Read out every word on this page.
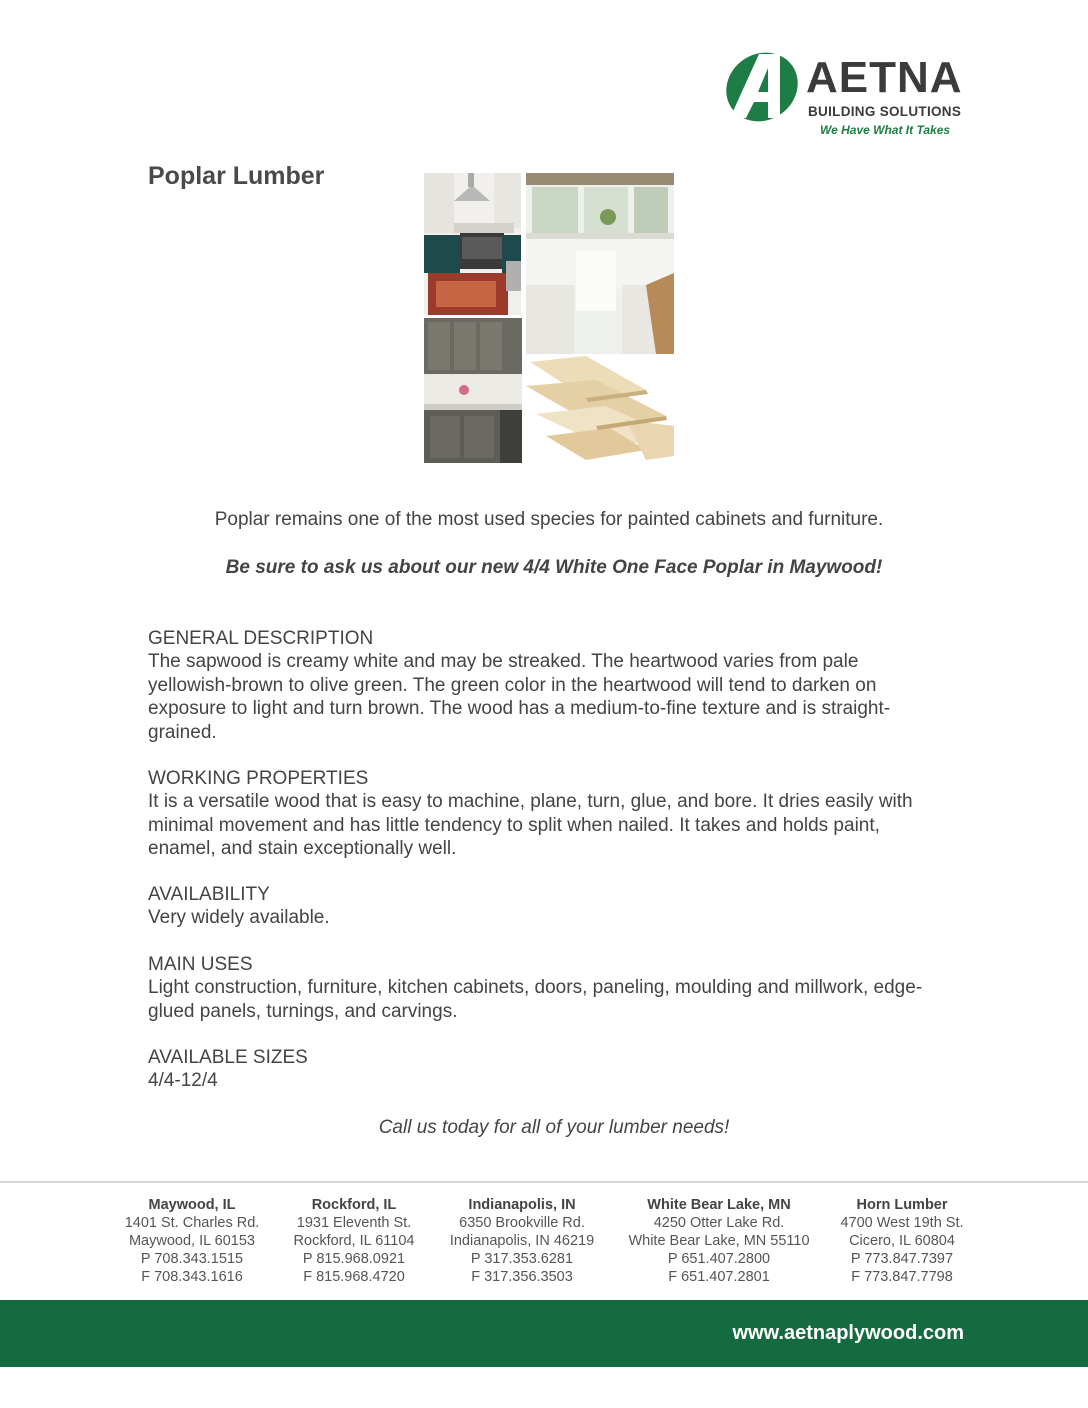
AETNA
BUILDING SOLUTIONS
We Have What It Takes
Poplar Lumber
Poplar remains one of the most used species for painted cabinets and furniture.
Be sure to ask us about our new 4/4 White One Face Poplar in Maywood!
GENERAL DESCRIPTION
The sapwood is creamy white and may be streaked. The heartwood varies from pale
yellowish-brown to olive green. The green color in the heartwood will tend to darken on
exposure to light and turn brown. The wood has a medium-to-fine texture and is straight-
grained.
WORKING PROPERTIES
It is a versatile wood that is easy to machine, plane, turn, glue, and bore. It dries easily with
minimal movement and has little tendency to split when nailed. It takes and holds paint,
enamel, and stain exceptionally well.
AVAILABILITY
Very widely available.
MAIN USES
Light construction, furniture, kitchen cabinets, doors, paneling, moulding and millwork, edge-
glued panels, turnings, and carvings.
AVAILABLE SIZES
4/4-12/4
Call us today for all of your lumber needs!
Maywood, IL
1401 St. Charles Rd.
Maywood, IL 60153
P 708.343.1515
F 708.343.1616
Rockford, IL
1931 Eleventh St.
Rockford, IL 61104
P 815.968.0921
F 815.968.4720
Indianapolis, IN
6350 Brookville Rd.
Indianapolis, IN 46219
P 317.353.6281
F 317.356.3503
White Bear Lake, MN
4250 Otter Lake Rd.
White Bear Lake, MN 55110
P 651.407.2800
F 651.407.2801
Horn Lumber
4700 West 19th St.
Cicero, IL 60804
P 773.847.7397
F 773.847.7798
www.aetnaplywood.com
